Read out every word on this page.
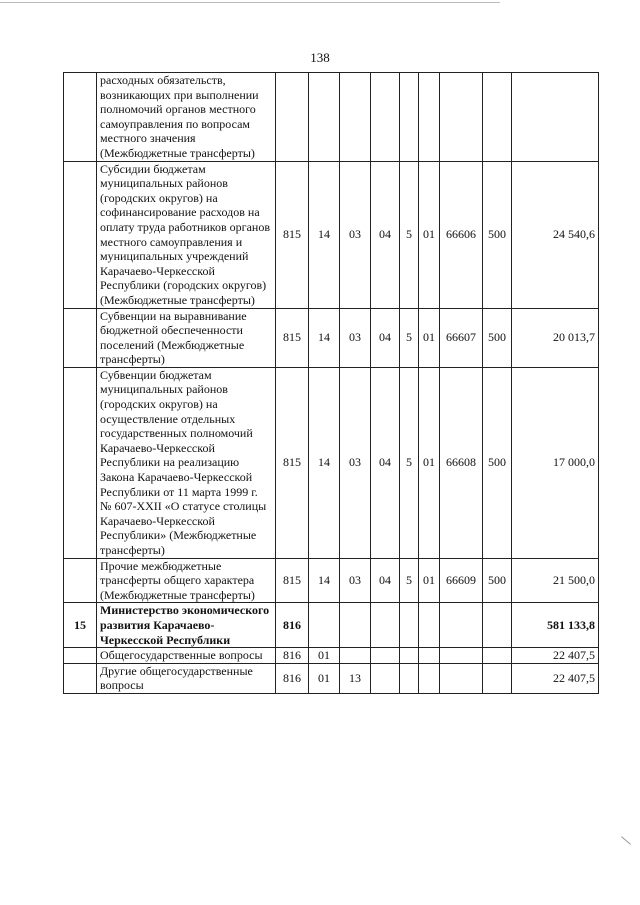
138
	расходных обязательств, возникающих при выполнении полномочий органов местного самоуправления по вопросам местного значения (Межбюджетные трансферты)									
	Субсидии бюджетам муниципальных районов (городских округов) на софинансирование расходов на оплату труда работников органов местного самоуправления и муниципальных учреждений Карачаево-Черкесской Республики (городских округов) (Межбюджетные трансферты)	815	14	03	04	5	01	66606	500	24 540,6
	Субвенции на выравнивание бюджетной обеспеченности поселений (Межбюджетные трансферты)	815	14	03	04	5	01	66607	500	20 013,7
	Субвенции бюджетам муниципальных районов (городских округов) на осуществление отдельных государственных полномочий Карачаево-Черкесской Республики на реализацию Закона Карачаево-Черкесской Республики от 11 марта 1999 г. № 607-XXII «О статусе столицы Карачаево-Черкесской Республики» (Межбюджетные трансферты)	815	14	03	04	5	01	66608	500	17 000,0
	Прочие межбюджетные трансферты общего характера (Межбюджетные трансферты)	815	14	03	04	5	01	66609	500	21 500,0
15	Министерство экономического развития Карачаево-Черкесской Республики	816								581 133,8
	Общегосударственные вопросы	816	01							22 407,5
	Другие общегосударственные вопросы	816	01	13						22 407,5
